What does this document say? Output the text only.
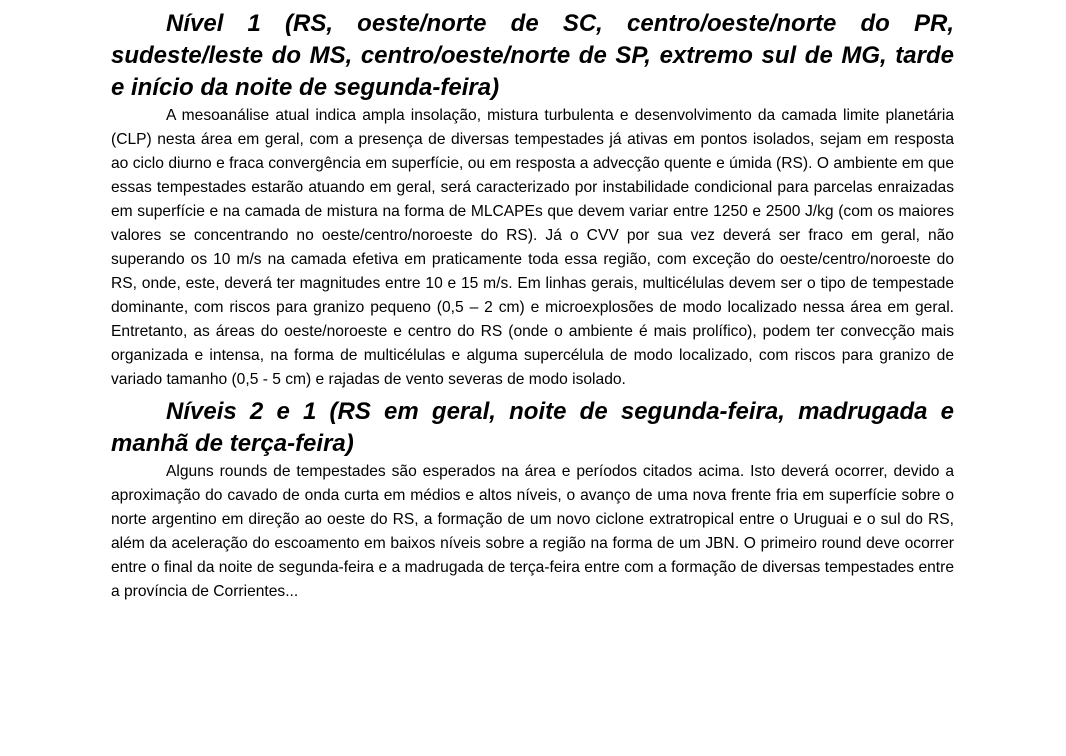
Nível 1 (RS, oeste/norte de SC, centro/oeste/norte do PR, sudeste/leste do MS, centro/oeste/norte de SP, extremo sul de MG, tarde e início da noite de segunda-feira)

A mesoanálise atual indica ampla insolação, mistura turbulenta e desenvolvimento da camada limite planetária (CLP) nesta área em geral, com a presença de diversas tempestades já ativas em pontos isolados, sejam em resposta ao ciclo diurno e fraca convergência em superfície, ou em resposta a advecção quente e úmida (RS). O ambiente em que essas tempestades estarão atuando em geral, será caracterizado por instabilidade condicional para parcelas enraizadas em superfície e na camada de mistura na forma de MLCAPEs que devem variar entre 1250 e 2500 J/kg (com os maiores valores se concentrando no oeste/centro/noroeste do RS). Já o CVV por sua vez deverá ser fraco em geral, não superando os 10 m/s na camada efetiva em praticamente toda essa região, com exceção do oeste/centro/noroeste do RS, onde, este, deverá ter magnitudes entre 10 e 15 m/s. Em linhas gerais, multicélulas devem ser o tipo de tempestade dominante, com riscos para granizo pequeno (0,5 – 2 cm) e microexplosões de modo localizado nessa área em geral. Entretanto, as áreas do oeste/noroeste e centro do RS (onde o ambiente é mais prolífico), podem ter convecção mais organizada e intensa, na forma de multicélulas e alguma supercélula de modo localizado, com riscos para granizo de variado tamanho (0,5 - 5 cm) e rajadas de vento severas de modo isolado.

Níveis 2 e 1 (RS em geral, noite de segunda-feira, madrugada e manhã de terça-feira)

Alguns rounds de tempestades são esperados na área e períodos citados acima. Isto deverá ocorrer, devido a aproximação do cavado de onda curta em médios e altos níveis, o avanço de uma nova frente fria em superfície sobre o norte argentino em direção ao oeste do RS, a formação de um novo ciclone extratropical entre o Uruguai e o sul do RS, além da aceleração do escoamento em baixos níveis sobre a região na forma de um JBN. O primeiro round deve ocorrer entre o final da noite de segunda-feira e a madrugada de terça-feira entre com a formação de diversas tempestades entre a província de Corrientes...
